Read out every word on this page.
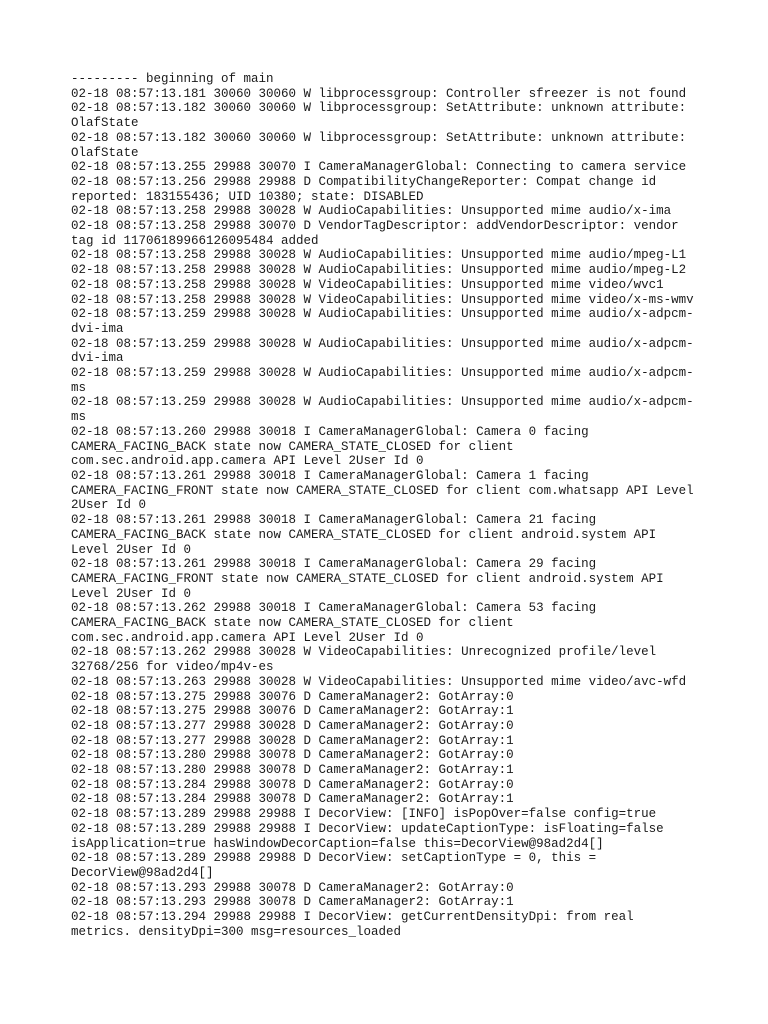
--------- beginning of main
02-18 08:57:13.181 30060 30060 W libprocessgroup: Controller sfreezer is not found
02-18 08:57:13.182 30060 30060 W libprocessgroup: SetAttribute: unknown attribute:
OlafState
02-18 08:57:13.182 30060 30060 W libprocessgroup: SetAttribute: unknown attribute:
OlafState
02-18 08:57:13.255 29988 30070 I CameraManagerGlobal: Connecting to camera service
02-18 08:57:13.256 29988 29988 D CompatibilityChangeReporter: Compat change id
reported: 183155436; UID 10380; state: DISABLED
02-18 08:57:13.258 29988 30028 W AudioCapabilities: Unsupported mime audio/x-ima
02-18 08:57:13.258 29988 30070 D VendorTagDescriptor: addVendorDescriptor: vendor
tag id 11706189966126095484 added
02-18 08:57:13.258 29988 30028 W AudioCapabilities: Unsupported mime audio/mpeg-L1
02-18 08:57:13.258 29988 30028 W AudioCapabilities: Unsupported mime audio/mpeg-L2
02-18 08:57:13.258 29988 30028 W VideoCapabilities: Unsupported mime video/wvc1
02-18 08:57:13.258 29988 30028 W VideoCapabilities: Unsupported mime video/x-ms-wmv
02-18 08:57:13.259 29988 30028 W AudioCapabilities: Unsupported mime audio/x-adpcm-
dvi-ima
02-18 08:57:13.259 29988 30028 W AudioCapabilities: Unsupported mime audio/x-adpcm-
dvi-ima
02-18 08:57:13.259 29988 30028 W AudioCapabilities: Unsupported mime audio/x-adpcm-
ms
02-18 08:57:13.259 29988 30028 W AudioCapabilities: Unsupported mime audio/x-adpcm-
ms
02-18 08:57:13.260 29988 30018 I CameraManagerGlobal: Camera 0 facing
CAMERA_FACING_BACK state now CAMERA_STATE_CLOSED for client
com.sec.android.app.camera API Level 2User Id 0
02-18 08:57:13.261 29988 30018 I CameraManagerGlobal: Camera 1 facing
CAMERA_FACING_FRONT state now CAMERA_STATE_CLOSED for client com.whatsapp API Level
2User Id 0
02-18 08:57:13.261 29988 30018 I CameraManagerGlobal: Camera 21 facing
CAMERA_FACING_BACK state now CAMERA_STATE_CLOSED for client android.system API
Level 2User Id 0
02-18 08:57:13.261 29988 30018 I CameraManagerGlobal: Camera 29 facing
CAMERA_FACING_FRONT state now CAMERA_STATE_CLOSED for client android.system API
Level 2User Id 0
02-18 08:57:13.262 29988 30018 I CameraManagerGlobal: Camera 53 facing
CAMERA_FACING_BACK state now CAMERA_STATE_CLOSED for client
com.sec.android.app.camera API Level 2User Id 0
02-18 08:57:13.262 29988 30028 W VideoCapabilities: Unrecognized profile/level
32768/256 for video/mp4v-es
02-18 08:57:13.263 29988 30028 W VideoCapabilities: Unsupported mime video/avc-wfd
02-18 08:57:13.275 29988 30076 D CameraManager2: GotArray:0
02-18 08:57:13.275 29988 30076 D CameraManager2: GotArray:1
02-18 08:57:13.277 29988 30028 D CameraManager2: GotArray:0
02-18 08:57:13.277 29988 30028 D CameraManager2: GotArray:1
02-18 08:57:13.280 29988 30078 D CameraManager2: GotArray:0
02-18 08:57:13.280 29988 30078 D CameraManager2: GotArray:1
02-18 08:57:13.284 29988 30078 D CameraManager2: GotArray:0
02-18 08:57:13.284 29988 30078 D CameraManager2: GotArray:1
02-18 08:57:13.289 29988 29988 I DecorView: [INFO] isPopOver=false config=true
02-18 08:57:13.289 29988 29988 I DecorView: updateCaptionType: isFloating=false
isApplication=true hasWindowDecorCaption=false this=DecorView@98ad2d4[]
02-18 08:57:13.289 29988 29988 D DecorView: setCaptionType = 0, this =
DecorView@98ad2d4[]
02-18 08:57:13.293 29988 30078 D CameraManager2: GotArray:0
02-18 08:57:13.293 29988 30078 D CameraManager2: GotArray:1
02-18 08:57:13.294 29988 29988 I DecorView: getCurrentDensityDpi: from real
metrics. densityDpi=300 msg=resources_loaded
